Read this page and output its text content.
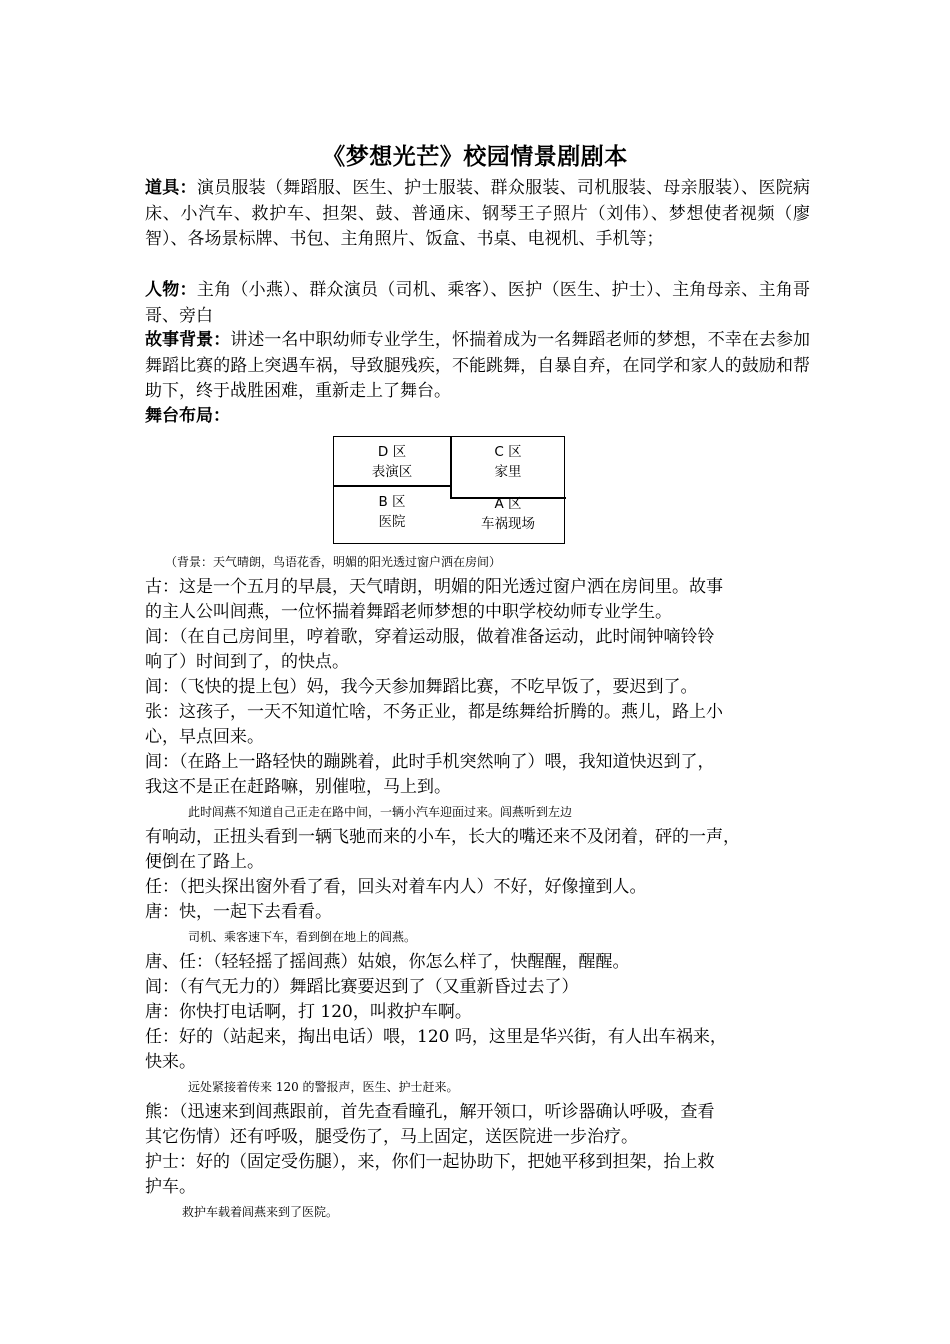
《梦想光芒》校园情景剧剧本
道具：演员服装（舞蹈服、医生、护士服装、群众服装、司机服装、母亲服装）、医院病床、小汽车、救护车、担架、鼓、普通床、钢琴王子照片（刘伟）、梦想使者视频（廖智）、各场景标牌、书包、主角照片、饭盒、书桌、电视机、手机等；
人物：主角（小燕）、群众演员（司机、乘客）、医护（医生、护士）、主角母亲、主角哥哥、旁白
故事背景：讲述一名中职幼师专业学生，怀揣着成为一名舞蹈老师的梦想，不幸在去参加舞蹈比赛的路上突遇车祸，导致腿残疾，不能跳舞，自暴自弃，在同学和家人的鼓励和帮助下，终于战胜困难，重新走上了舞台。
舞台布局：
D 区
表演区
C 区
家里
B 区
医院
A 区
车祸现场
（背景：天气晴朗，鸟语花香，明媚的阳光透过窗户洒在房间）
古：这是一个五月的早晨，天气晴朗，明媚的阳光透过窗户洒在房间里。故事
的主人公叫闾燕，一位怀揣着舞蹈老师梦想的中职学校幼师专业学生。
闾：（在自己房间里，哼着歌，穿着运动服，做着准备运动，此时闹钟嘀铃铃
响了）时间到了，的快点。
闾：（飞快的提上包）妈，我今天参加舞蹈比赛，不吃早饭了，要迟到了。
张：这孩子，一天不知道忙啥，不务正业，都是练舞给折腾的。燕儿，路上小
心，早点回来。
闾：（在路上一路轻快的蹦跳着，此时手机突然响了）喂，我知道快迟到了，
我这不是正在赶路嘛，别催啦，马上到。
此时闾燕不知道自己正走在路中间，一辆小汽车迎面过来。闾燕听到左边
有响动，正扭头看到一辆飞驰而来的小车，长大的嘴还来不及闭着，砰的一声，
便倒在了路上。
任：（把头探出窗外看了看，回头对着车内人）不好，好像撞到人。
唐：快，一起下去看看。
司机、乘客速下车，看到倒在地上的闾燕。
唐、任：（轻轻摇了摇闾燕）姑娘，你怎么样了，快醒醒，醒醒。
闾：（有气无力的）舞蹈比赛要迟到了（又重新昏过去了）
唐：你快打电话啊，打 120，叫救护车啊。
任：好的（站起来，掏出电话）喂，120 吗，这里是华兴街，有人出车祸来，
快来。
远处紧接着传来 120 的警报声，医生、护士赶来。
熊：（迅速来到闾燕跟前，首先查看瞳孔，解开领口，听诊器确认呼吸，查看
其它伤情）还有呼吸，腿受伤了，马上固定，送医院进一步治疗。
护士：好的（固定受伤腿），来，你们一起协助下，把她平移到担架，抬上救
护车。
救护车载着闾燕来到了医院。
